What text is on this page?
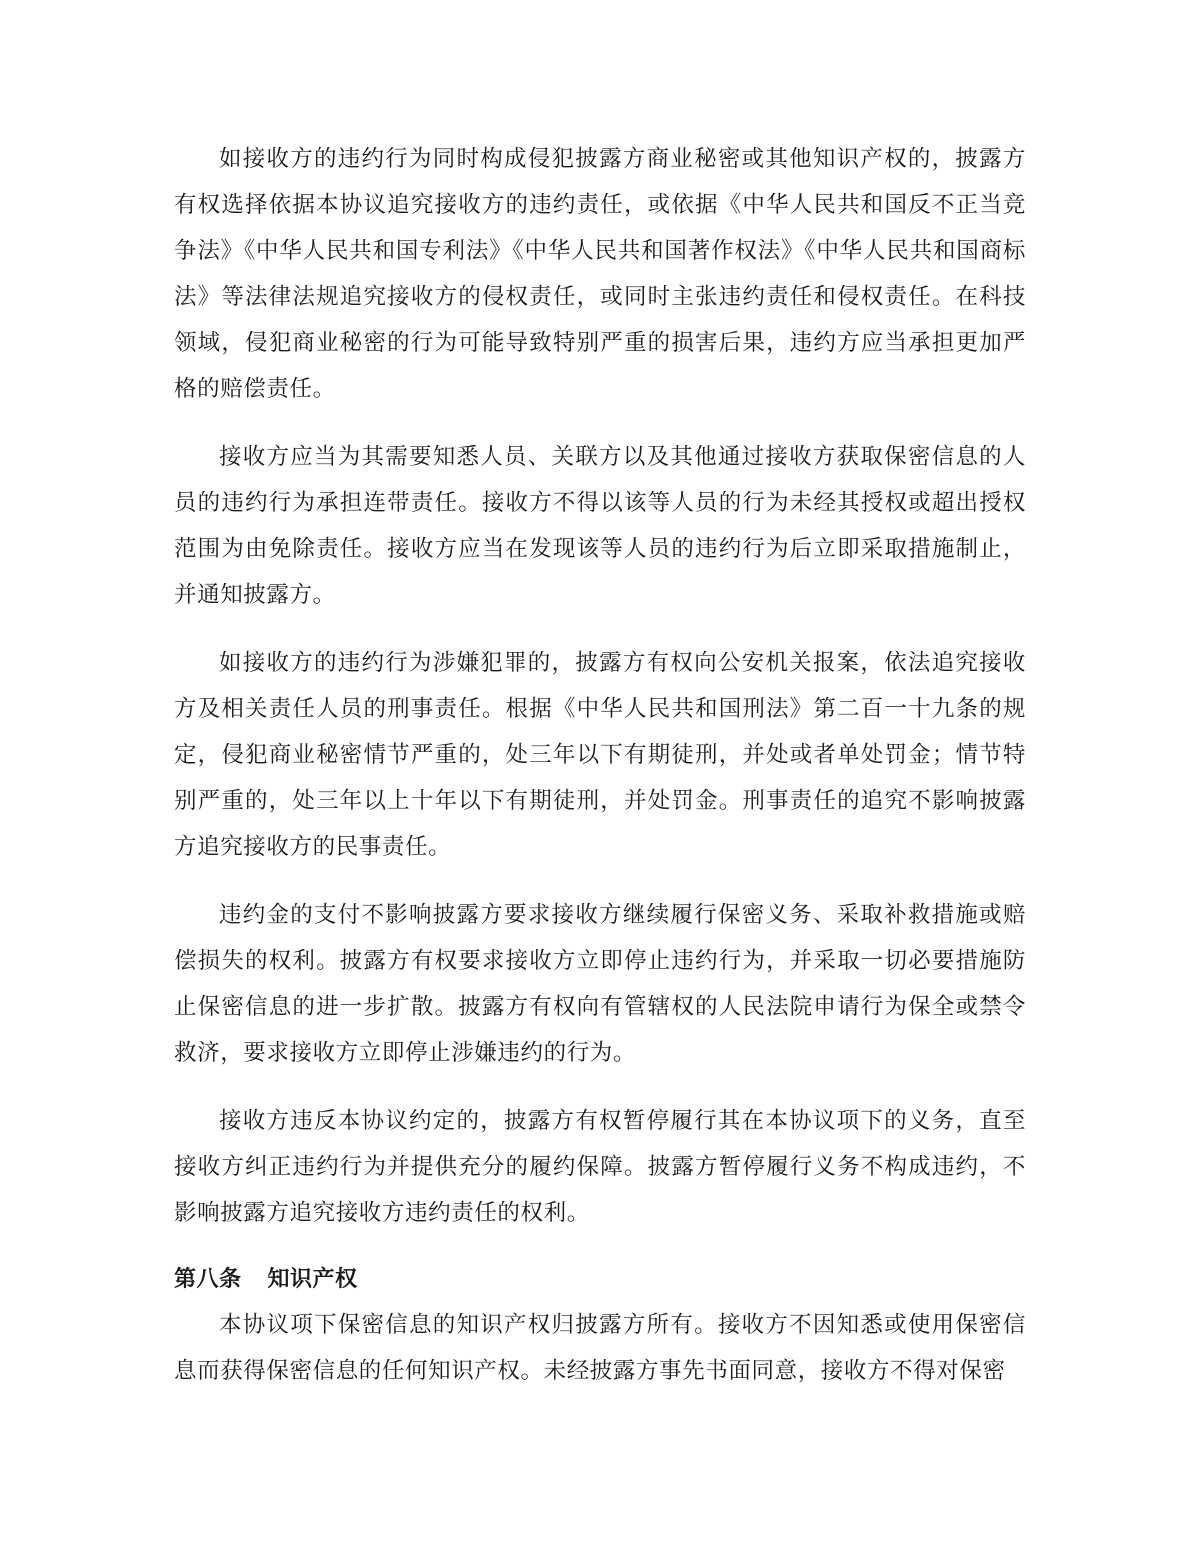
如接收方的违约行为同时构成侵犯披露方商业秘密或其他知识产权的，披露方有权选择依据本协议追究接收方的违约责任，或依据《中华人民共和国反不正当竞争法》《中华人民共和国专利法》《中华人民共和国著作权法》《中华人民共和国商标法》等法律法规追究接收方的侵权责任，或同时主张违约责任和侵权责任。在科技领域，侵犯商业秘密的行为可能导致特别严重的损害后果，违约方应当承担更加严格的赔偿责任。

接收方应当为其需要知悉人员、关联方以及其他通过接收方获取保密信息的人员的违约行为承担连带责任。接收方不得以该等人员的行为未经其授权或超出授权范围为由免除责任。接收方应当在发现该等人员的违约行为后立即采取措施制止，并通知披露方。

如接收方的违约行为涉嫌犯罪的，披露方有权向公安机关报案，依法追究接收方及相关责任人员的刑事责任。根据《中华人民共和国刑法》第二百一十九条的规定，侵犯商业秘密情节严重的，处三年以下有期徒刑，并处或者单处罚金；情节特别严重的，处三年以上十年以下有期徒刑，并处罚金。刑事责任的追究不影响披露方追究接收方的民事责任。

违约金的支付不影响披露方要求接收方继续履行保密义务、采取补救措施或赔偿损失的权利。披露方有权要求接收方立即停止违约行为，并采取一切必要措施防止保密信息的进一步扩散。披露方有权向有管辖权的人民法院申请行为保全或禁令救济，要求接收方立即停止涉嫌违约的行为。

接收方违反本协议约定的，披露方有权暂停履行其在本协议项下的义务，直至接收方纠正违约行为并提供充分的履约保障。披露方暂停履行义务不构成违约，不影响披露方追究接收方违约责任的权利。

第八条 知识产权

本协议项下保密信息的知识产权归披露方所有。接收方不因知悉或使用保密信息而获得保密信息的任何知识产权。未经披露方事先书面同意，接收方不得对保密
